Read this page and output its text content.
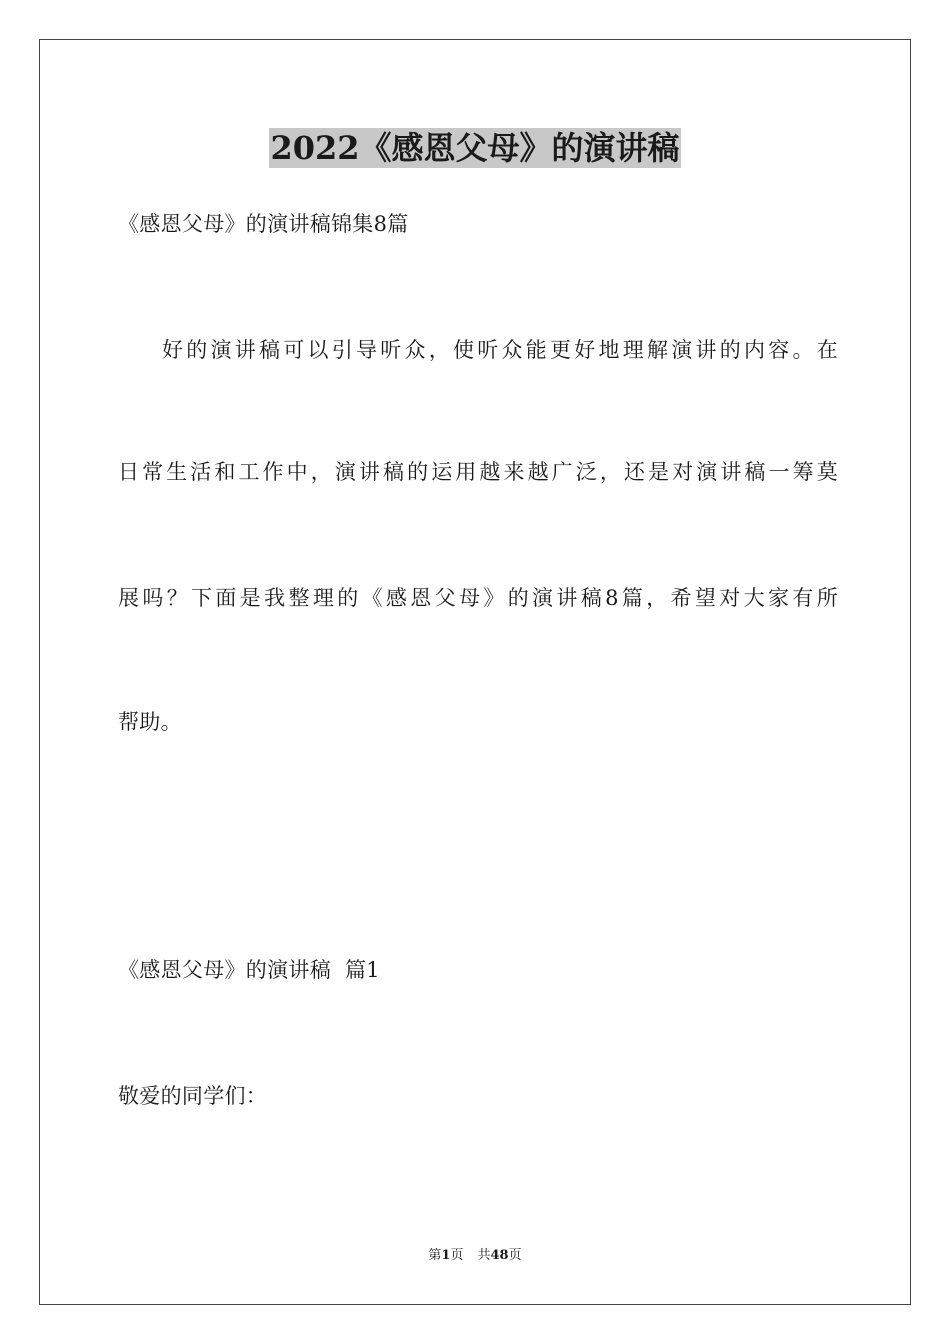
2022《感恩父母》的演讲稿
《感恩父母》的演讲稿锦集8篇
好的演讲稿可以引导听众，使听众能更好地理解演讲的内容。在
日常生活和工作中，演讲稿的运用越来越广泛，还是对演讲稿一筹莫
展吗？下面是我整理的《感恩父母》的演讲稿8篇，希望对大家有所
帮助。
《感恩父母》的演讲稿  篇1
敬爱的同学们：
第1页 共48页
